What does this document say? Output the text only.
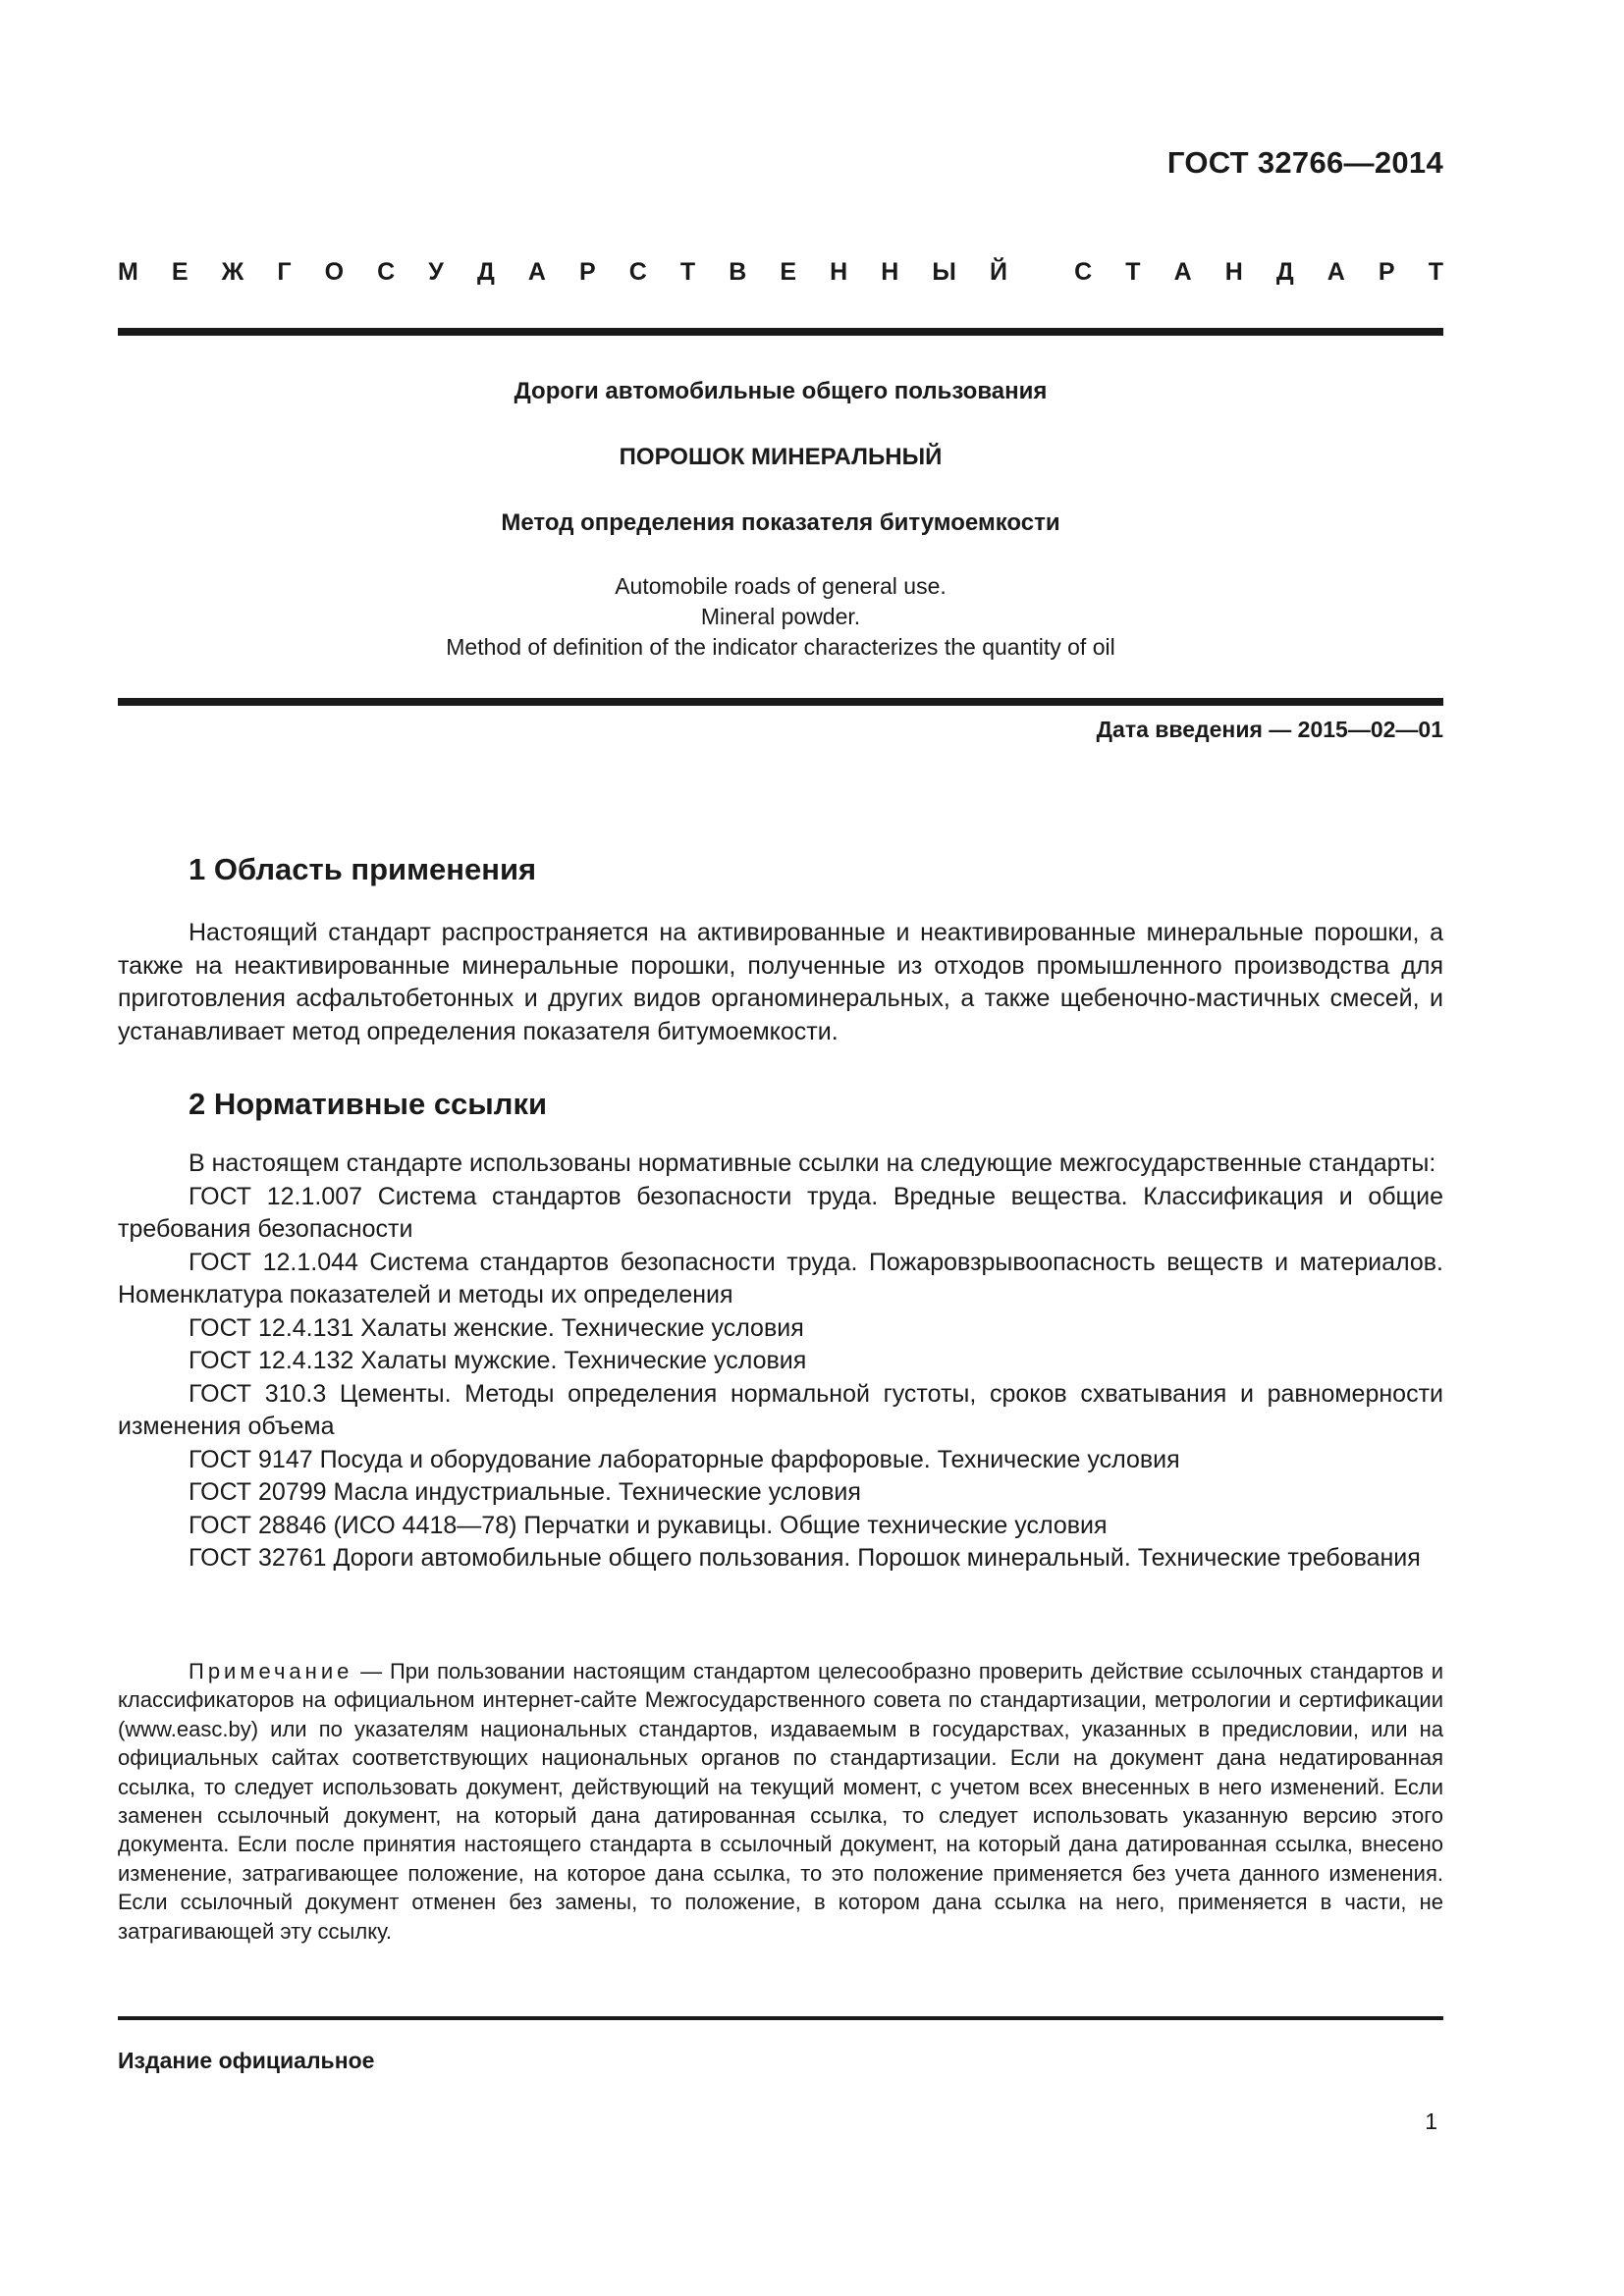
ГОСТ 32766—2014
М Е Ж Г О С У Д А Р С Т В Е Н Н Ы Й	С Т А Н Д А Р Т
Дороги автомобильные общего пользования
ПОРОШОК МИНЕРАЛЬНЫЙ
Метод определения показателя битумоемкости
Automobile roads of general use.
Mineral powder.
Method of definition of the indicator characterizes the quantity of oil
Дата введения — 2015—02—01
1 Область применения

Настоящий стандарт распространяется на активированные и неактивированные минеральные порошки, а также на неактивированные минеральные порошки, полученные из отходов промышленного производства для приготовления асфальтобетонных и других видов органоминеральных, а также щебеночно-мастичных смесей, и устанавливает метод определения показателя битумоемкости.

2 Нормативные ссылки

В настоящем стандарте использованы нормативные ссылки на следующие межгосударственные стандарты:

ГОСТ 12.1.007 Система стандартов безопасности труда. Вредные вещества. Классификация и общие требования безопасности

ГОСТ 12.1.044 Система стандартов безопасности труда. Пожаровзрывоопасность веществ и материалов. Номенклатура показателей и методы их определения

ГОСТ 12.4.131 Халаты женские. Технические условия

ГОСТ 12.4.132 Халаты мужские. Технические условия

ГОСТ 310.3 Цементы. Методы определения нормальной густоты, сроков схватывания и равномерности изменения объема

ГОСТ 9147 Посуда и оборудование лабораторные фарфоровые. Технические условия

ГОСТ 20799 Масла индустриальные. Технические условия

ГОСТ 28846 (ИСО 4418—78) Перчатки и рукавицы. Общие технические условия

ГОСТ 32761 Дороги автомобильные общего пользования. Порошок минеральный. Технические требования

Примечание — При пользовании настоящим стандартом целесообразно проверить действие ссылочных стандартов и классификаторов на официальном интернет-сайте Межгосударственного совета по стандартизации, метрологии и сертификации (www.easc.by) или по указателям национальных стандартов, издаваемым в государствах, указанных в предисловии, или на официальных сайтах соответствующих национальных органов по стандартизации. Если на документ дана недатированная ссылка, то следует использовать документ, действующий на текущий момент, с учетом всех внесенных в него изменений. Если заменен ссылочный документ, на который дана датированная ссылка, то следует использовать указанную версию этого документа. Если после принятия настоящего стандарта в ссылочный документ, на который дана датированная ссылка, внесено изменение, затрагивающее положение, на которое дана ссылка, то это положение применяется без учета данного изменения. Если ссылочный документ отменен без замены, то положение, в котором дана ссылка на него, применяется в части, не затрагивающей эту ссылку.

Издание официальное
1
